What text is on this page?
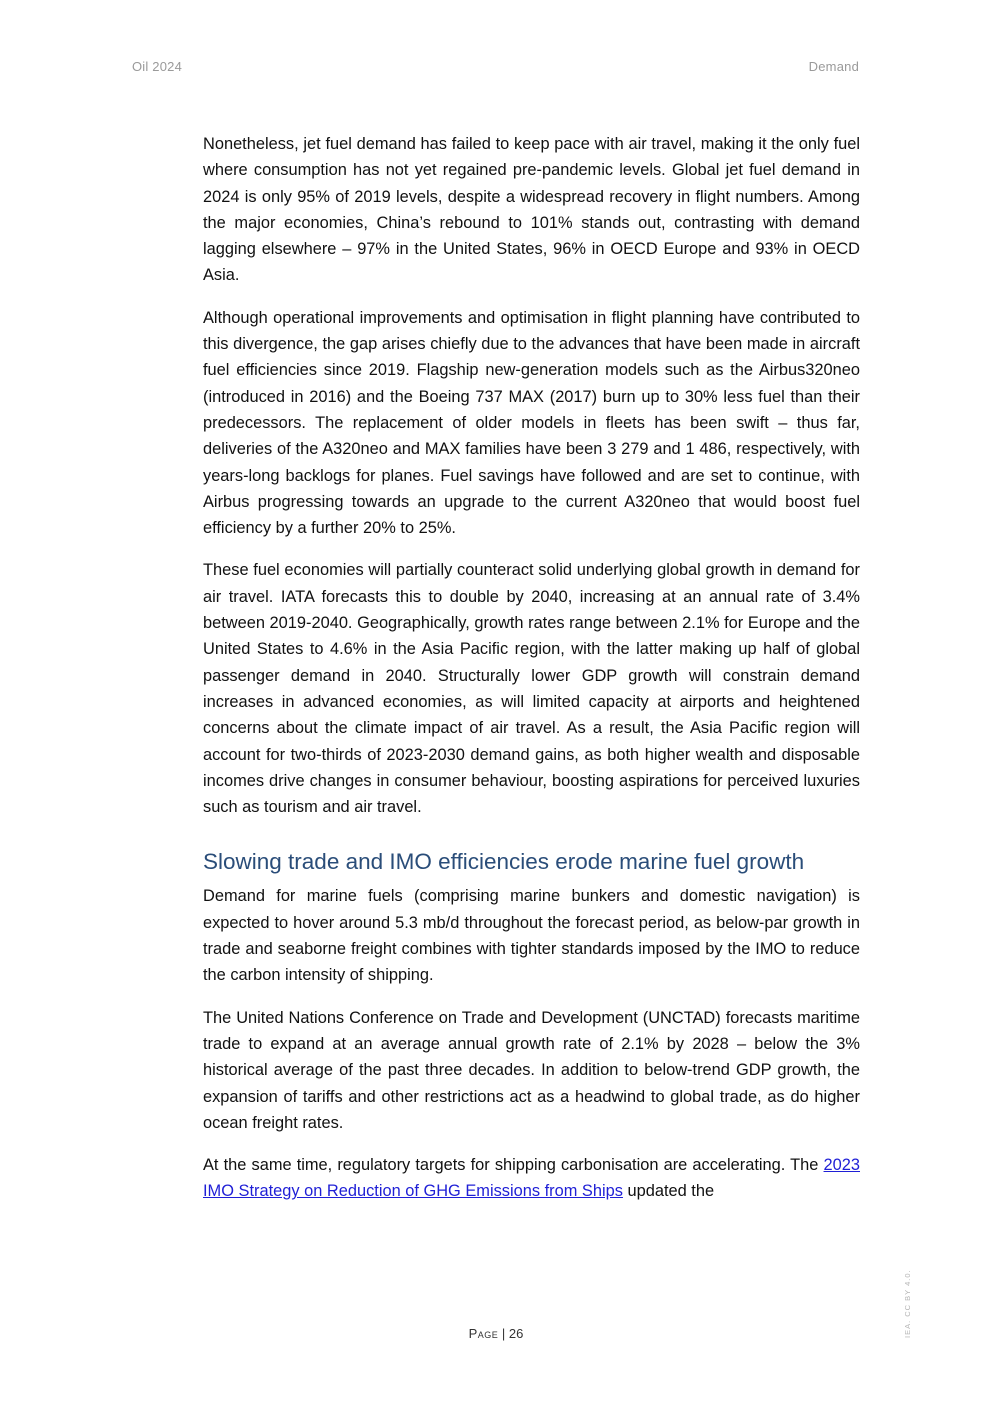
Oil 2024	Demand

Nonetheless, jet fuel demand has failed to keep pace with air travel, making it the only fuel where consumption has not yet regained pre-pandemic levels. Global jet fuel demand in 2024 is only 95% of 2019 levels, despite a widespread recovery in flight numbers. Among the major economies, China’s rebound to 101% stands out, contrasting with demand lagging elsewhere – 97% in the United States, 96% in OECD Europe and 93% in OECD Asia.

Although operational improvements and optimisation in flight planning have contributed to this divergence, the gap arises chiefly due to the advances that have been made in aircraft fuel efficiencies since 2019. Flagship new-generation models such as the Airbus320neo (introduced in 2016) and the Boeing 737 MAX (2017) burn up to 30% less fuel than their predecessors. The replacement of older models in fleets has been swift – thus far, deliveries of the A320neo and MAX families have been 3 279 and 1 486, respectively, with years-long backlogs for planes. Fuel savings have followed and are set to continue, with Airbus progressing towards an upgrade to the current A320neo that would boost fuel efficiency by a further 20% to 25%.

These fuel economies will partially counteract solid underlying global growth in demand for air travel. IATA forecasts this to double by 2040, increasing at an annual rate of 3.4% between 2019-2040. Geographically, growth rates range between 2.1% for Europe and the United States to 4.6% in the Asia Pacific region, with the latter making up half of global passenger demand in 2040. Structurally lower GDP growth will constrain demand increases in advanced economies, as will limited capacity at airports and heightened concerns about the climate impact of air travel. As a result, the Asia Pacific region will account for two-thirds of 2023-2030 demand gains, as both higher wealth and disposable incomes drive changes in consumer behaviour, boosting aspirations for perceived luxuries such as tourism and air travel.

Slowing trade and IMO efficiencies erode marine fuel growth

Demand for marine fuels (comprising marine bunkers and domestic navigation) is expected to hover around 5.3 mb/d throughout the forecast period, as below-par growth in trade and seaborne freight combines with tighter standards imposed by the IMO to reduce the carbon intensity of shipping.

The United Nations Conference on Trade and Development (UNCTAD) forecasts maritime trade to expand at an average annual growth rate of 2.1% by 2028 – below the 3% historical average of the past three decades. In addition to below-trend GDP growth, the expansion of tariffs and other restrictions act as a headwind to global trade, as do higher ocean freight rates.

At the same time, regulatory targets for shipping carbonisation are accelerating. The 2023 IMO Strategy on Reduction of GHG Emissions from Ships updated the

Page | 26	IEA. CC BY 4.0.
